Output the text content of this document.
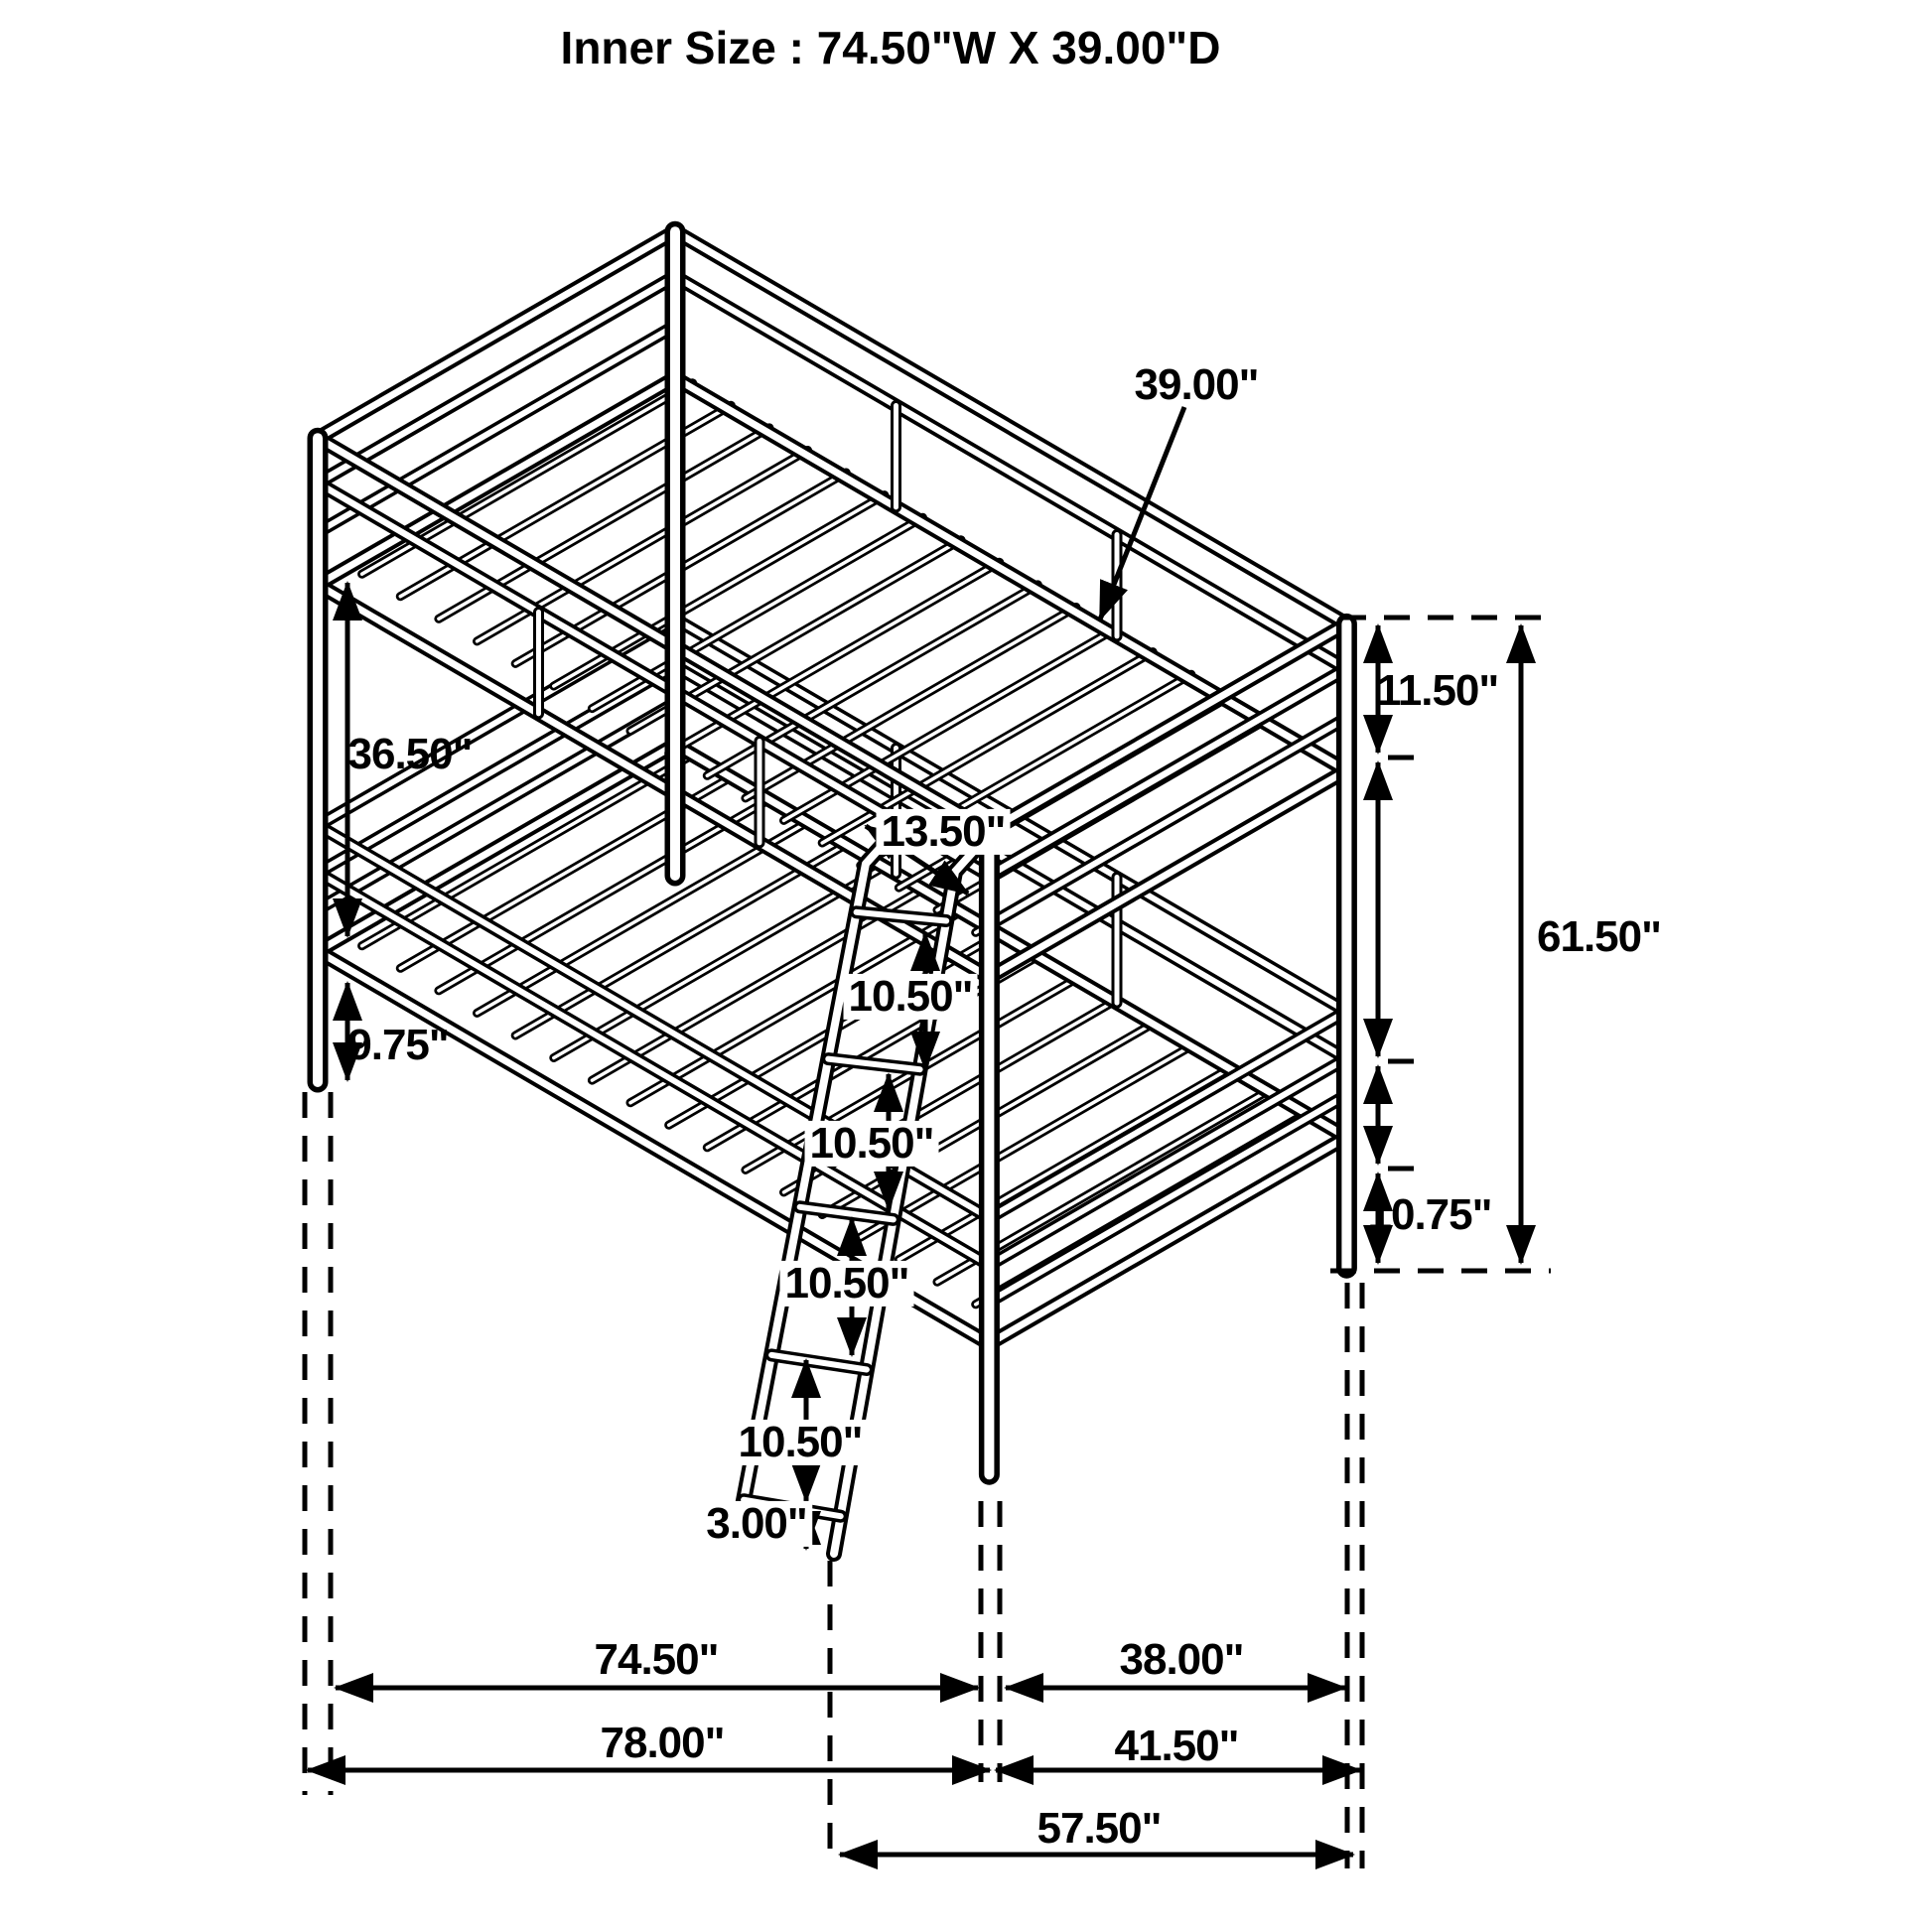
Inner Size : 74.50"W X 39.00"D
39.00"
11.50"
61.50"
10.75"
36.50"
9.75"
13.50"
10.50"
10.50"
10.50"
10.50"
3.00"
74.50"	38.00"
78.00"	41.50"
57.50"
